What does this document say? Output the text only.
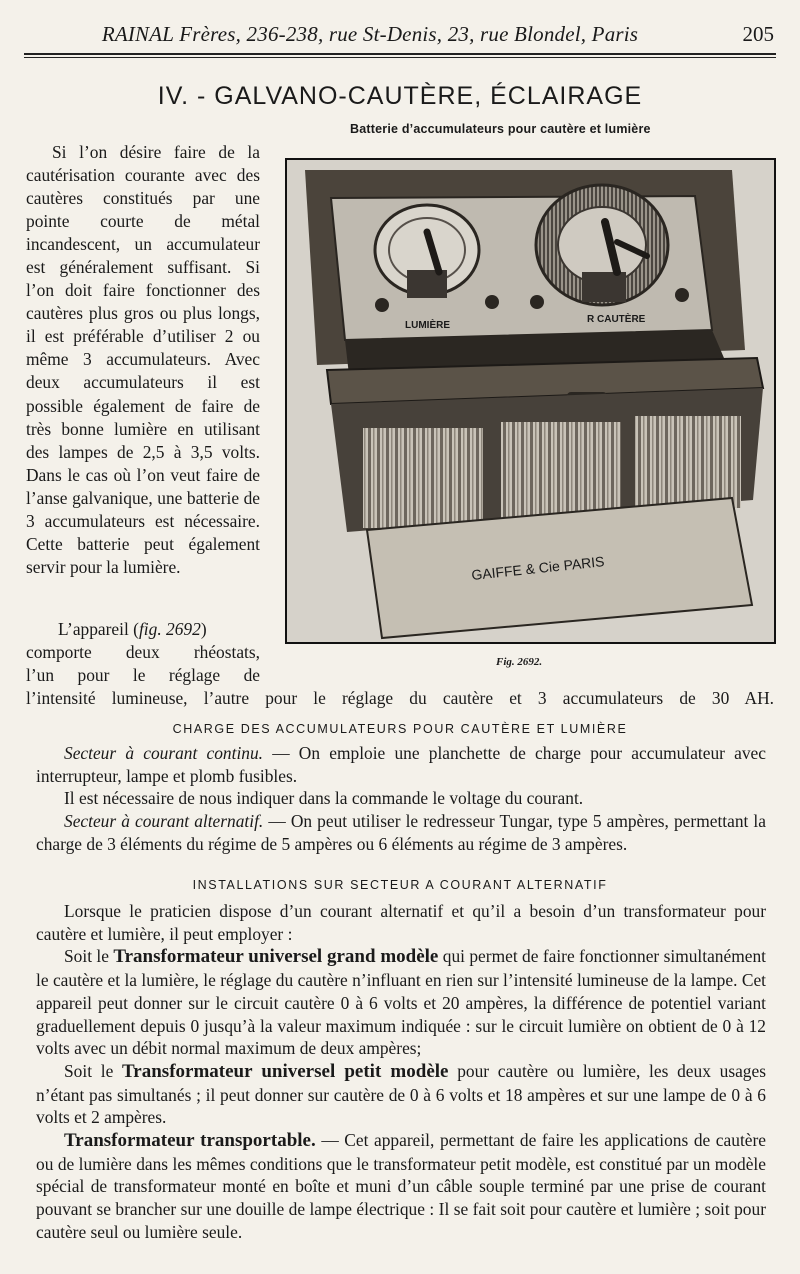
RAINAL Frères, 236-238, rue St-Denis, 23, rue Blondel, Paris	205
IV. - GALVANO-CAUTÈRE, ÉCLAIRAGE
Batterie d’accumulateurs pour cautère et lumière

Si l’on désire faire de la cautérisation courante avec des cautères constitués par une pointe courte de métal incandescent, un accumulateur est généralement suffisant. Si l’on doit faire fonctionner des cautères plus gros ou plus longs, il est préférable d’utiliser 2 ou même 3 accumulateurs. Avec deux accumulateurs il est possible également de faire de très bonne lumière en utilisant des lampes de 2,5 à 3,5 volts. Dans le cas où l’on veut faire de l’anse galvanique, une batterie de 3 accumulateurs est nécessaire. Cette batterie peut également servir pour la lumière.

LUMIÈRE
R CAUTÈRE
GAIFFE & Cie PARIS
Fig. 2692.
L’appareil (fig. 2692)
comporte deux rhéostats,
l’un pour le réglage de
l’intensité lumineuse, l’autre pour le réglage du cautère et 3 accumulateurs de 30 AH.
CHARGE DES ACCUMULATEURS POUR CAUTÈRE ET LUMIÈRE

Secteur à courant continu. — On emploie une planchette de charge pour accumulateur avec interrupteur, lampe et plomb fusibles.

Il est nécessaire de nous indiquer dans la commande le voltage du courant.

Secteur à courant alternatif. — On peut utiliser le redresseur Tungar, type 5 ampères, permettant la charge de 3 éléments du régime de 5 ampères ou 6 éléments au régime de 3 ampères.

INSTALLATIONS SUR SECTEUR A COURANT ALTERNATIF

Lorsque le praticien dispose d’un courant alternatif et qu’il a besoin d’un transformateur pour cautère et lumière, il peut employer :

Soit le Transformateur universel grand modèle qui permet de faire fonctionner simultanément le cautère et la lumière, le réglage du cautère n’influant en rien sur l’intensité lumineuse de la lampe. Cet appareil peut donner sur le circuit cautère 0 à 6 volts et 20 ampères, la différence de potentiel variant graduellement depuis 0 jusqu’à la valeur maximum indiquée : sur le circuit lumière on obtient de 0 à 12 volts avec un débit normal maximum de deux ampères;

Soit le Transformateur universel petit modèle pour cautère ou lumière, les deux usages n’étant pas simultanés ; il peut donner sur cautère de 0 à 6 volts et 18 ampères et sur une lampe de 0 à 6 volts et 2 ampères.

Transformateur transportable. — Cet appareil, permettant de faire les applications de cautère ou de lumière dans les mêmes conditions que le transformateur petit modèle, est constitué par un modèle spécial de transformateur monté en boîte et muni d’un câble souple terminé par une prise de courant pouvant se brancher sur une douille de lampe électrique : Il se fait soit pour cautère et lumière ; soit pour cautère seul ou lumière seule.
